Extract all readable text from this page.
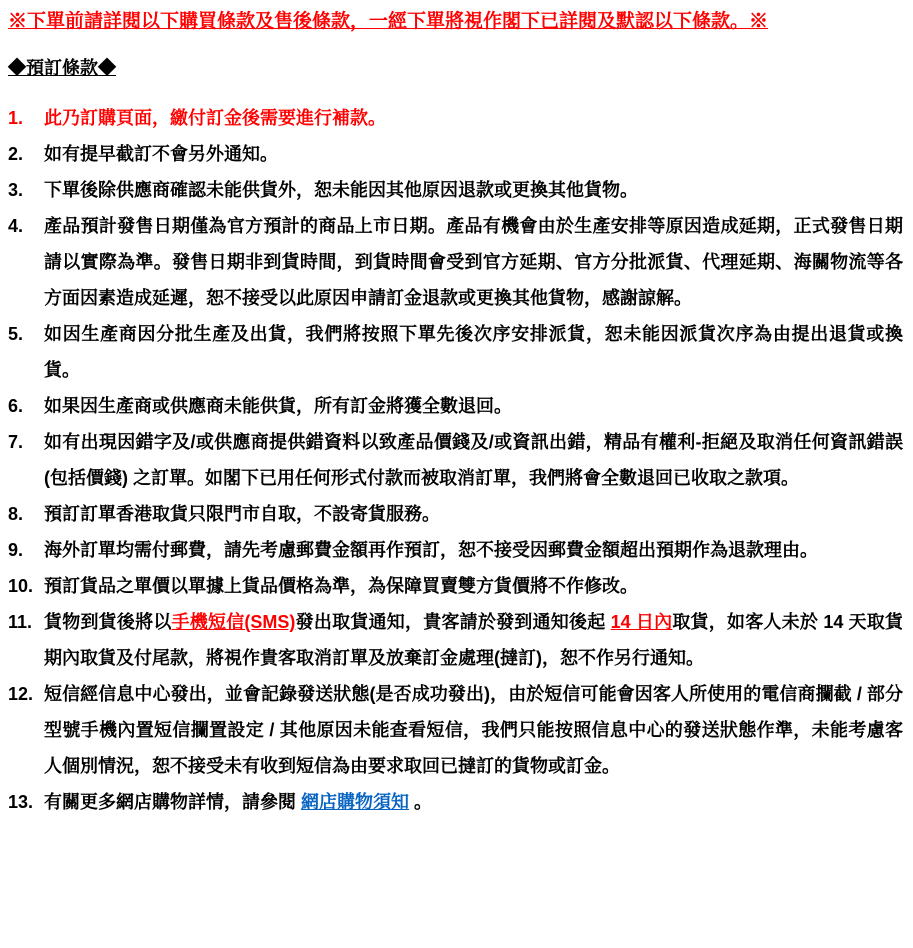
※下單前請詳閱以下購買條款及售後條款，一經下單將視作閣下已詳閱及默認以下條款。※
◆預訂條款◆
1.	此乃訂購頁面，繳付訂金後需要進行補款。
2.	如有提早截訂不會另外通知。
3.	下單後除供應商確認未能供貨外，恕未能因其他原因退款或更換其他貨物。
4.	產品預計發售日期僅為官方預計的商品上市日期。產品有機會由於生產安排等原因造成延期，正式發售日期請以實際為準。發售日期非到貨時間，到貨時間會受到官方延期、官方分批派貨、代理延期、海關物流等各方面因素造成延遲，恕不接受以此原因申請訂金退款或更換其他貨物，感謝諒解。
5.	如因生產商因分批生產及出貨，我們將按照下單先後次序安排派貨，恕未能因派貨次序為由提出退貨或換貨。
6.	如果因生產商或供應商未能供貨，所有訂金將獲全數退回。
7.	如有出現因錯字及/或供應商提供錯資料以致產品價錢及/或資訊出錯，精品有權利-拒絕及取消任何資訊錯誤(包括價錢) 之訂單。如閣下已用任何形式付款而被取消訂單，我們將會全數退回已收取之款項。
8.	預訂訂單香港取貨只限門市自取，不設寄貨服務。
9.	海外訂單均需付郵費，請先考慮郵費金額再作預訂，恕不接受因郵費金額超出預期作為退款理由。
10. 預訂貨品之單價以單據上貨品價格為準，為保障買賣雙方貨價將不作修改。
11. 貨物到貨後將以手機短信(SMS)發出取貨通知，貴客請於發到通知後起 14 日內取貨，如客人未於 14 天取貨期內取貨及付尾款，將視作貴客取消訂單及放棄訂金處理(撻訂)，恕不作另行通知。
12. 短信經信息中心發出，並會記錄發送狀態(是否成功發出)，由於短信可能會因客人所使用的電信商攔截 / 部分型號手機內置短信攔置設定 / 其他原因未能查看短信，我們只能按照信息中心的發送狀態作準，未能考慮客人個別情況，恕不接受未有收到短信為由要求取回已撻訂的貨物或訂金。
13. 有關更多網店購物詳情，請參閱 網店購物須知 。
